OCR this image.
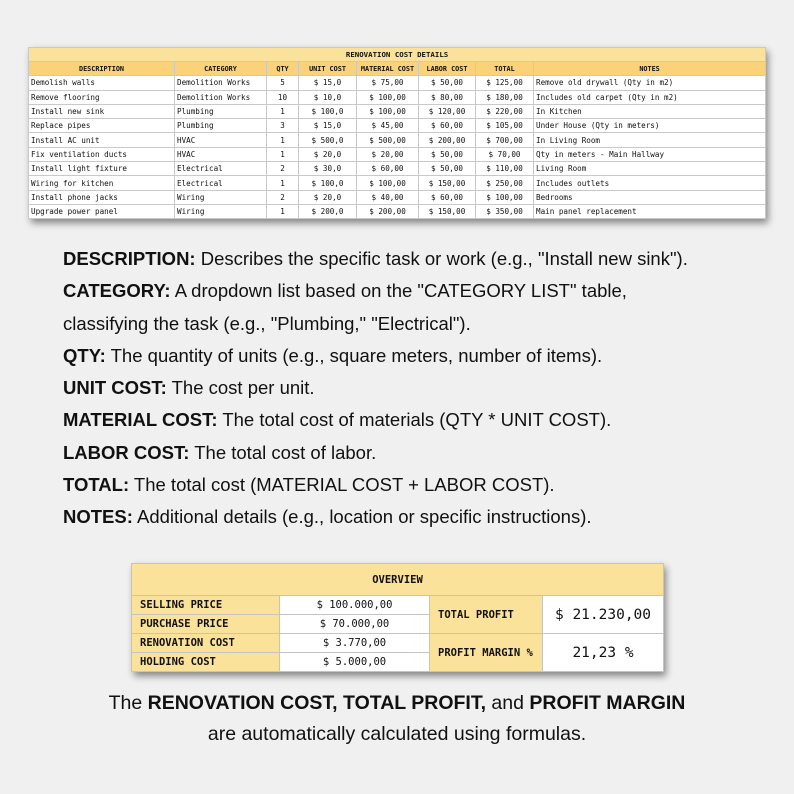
RENOVATION COST DETAILS							
DESCRIPTION	CATEGORY	QTY	UNIT COST	MATERIAL COST	LABOR COST	TOTAL	NOTES
Demolish walls	Demolition Works	5	$ 15,0	$ 75,00	$ 50,00	$ 125,00	Remove old drywall (Qty in m2)
Remove flooring	Demolition Works	10	$ 10,0	$ 100,00	$ 80,00	$ 180,00	Includes old carpet (Qty in m2)
Install new sink	Plumbing	1	$ 100,0	$ 100,00	$ 120,00	$ 220,00	In Kitchen
Replace pipes	Plumbing	3	$ 15,0	$ 45,00	$ 60,00	$ 105,00	Under House (Qty in meters)
Install AC unit	HVAC	1	$ 500,0	$ 500,00	$ 200,00	$ 700,00	In Living Room
Fix ventilation ducts	HVAC	1	$ 20,0	$ 20,00	$ 50,00	$ 70,00	Qty in meters - Main Hallway
Install light fixture	Electrical	2	$ 30,0	$ 60,00	$ 50,00	$ 110,00	Living Room
Wiring for kitchen	Electrical	1	$ 100,0	$ 100,00	$ 150,00	$ 250,00	Includes outlets
Install phone jacks	Wiring	2	$ 20,0	$ 40,00	$ 60,00	$ 100,00	Bedrooms
Upgrade power panel	Wiring	1	$ 200,0	$ 200,00	$ 150,00	$ 350,00	Main panel replacement
DESCRIPTION: Describes the specific task or work (e.g., "Install new sink").
CATEGORY: A dropdown list based on the "CATEGORY LIST" table,
classifying the task (e.g., "Plumbing," "Electrical").
QTY: The quantity of units (e.g., square meters, number of items).
UNIT COST: The cost per unit.
MATERIAL COST: The total cost of materials (QTY * UNIT COST).
LABOR COST: The total cost of labor.
TOTAL: The total cost (MATERIAL COST + LABOR COST).
NOTES: Additional details (e.g., location or specific instructions).
OVERVIEW			
SELLING PRICE	$ 100.000,00	TOTAL PROFIT	$ 21.230,00
PURCHASE PRICE	$ 70.000,00		
RENOVATION COST	$ 3.770,00	PROFIT MARGIN %	21,23 %
HOLDING COST	$ 5.000,00		
The RENOVATION COST, TOTAL PROFIT, and PROFIT MARGIN
are automatically calculated using formulas.
